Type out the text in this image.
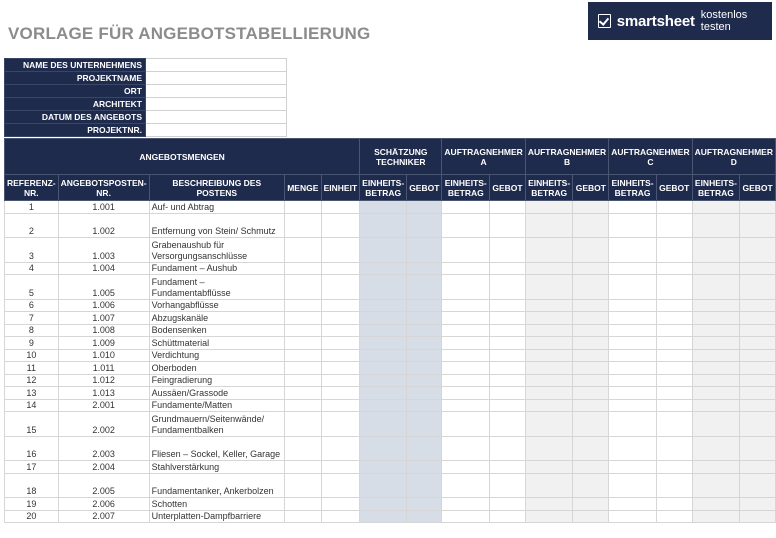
VORLAGE FÜR ANGEBOTSTABELLIERUNG
smartsheet kostenlos testen
NAME DES UNTERNEHMENS	
PROJEKTNAME	
ORT	
ARCHITEKT	
DATUM DES ANGEBOTS	
PROJEKTNR.	
ANGEBOTSMENGEN					SCHÄTZUNG TECHNIKER		AUFTRAGNEHMER A		AUFTRAGNEHMER B		AUFTRAGNEHMER C		AUFTRAGNEHMER D	
REFERENZ-NR.	ANGEBOTSPOSTEN-NR.	BESCHREIBUNG DES POSTENS	MENGE	EINHEIT	EINHEITS-BETRAG	GEBOT	EINHEITS-BETRAG	GEBOT	EINHEITS-BETRAG	GEBOT	EINHEITS-BETRAG	GEBOT	EINHEITS-BETRAG	GEBOT
1	1.001	Auf- und Abtrag												
2	1.002	Entfernung von Stein/ Schmutz												
3	1.003	Grabenaushub für Versorgungsanschlüsse												
4	1.004	Fundament – Aushub												
5	1.005	Fundament – Fundamentabflüsse												
6	1.006	Vorhangabflüsse												
7	1.007	Abzugskanäle												
8	1.008	Bodensenken												
9	1.009	Schüttmaterial												
10	1.010	Verdichtung												
11	1.011	Oberboden												
12	1.012	Feingradierung												
13	1.013	Aussäen/Grassode												
14	2.001	Fundamente/Matten												
15	2.002	Grundmauern/Seitenwände/ Fundamentbalken												
16	2.003	Fliesen – Sockel, Keller, Garage												
17	2.004	Stahlverstärkung												
18	2.005	Fundamentanker, Ankerbolzen												
19	2.006	Schotten												
20	2.007	Unterplatten-Dampfbarriere												
